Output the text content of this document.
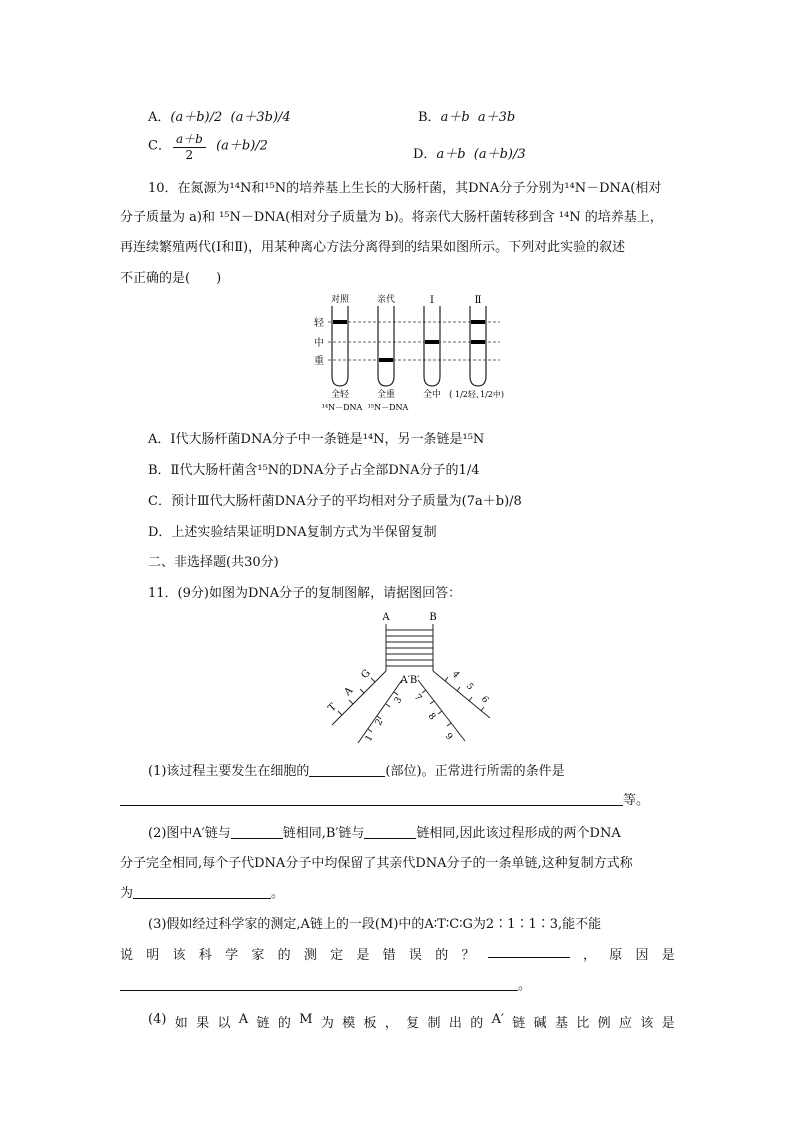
A．(a＋b)/2 (a＋3b)/4	B．a＋b a＋3b
C． $\frac{a+b}{2} (a+b)/2$
D．a＋b (a＋b)/3
10．在氮源为¹⁴N和¹⁵N的培养基上生长的大肠杆菌，其DNA分子分别为¹⁴N－DNA(相对
分子质量为 a)和 ¹⁵N－DNA(相对分子质量为 b)。将亲代大肠杆菌转移到含 ¹⁴N 的培养基上，
再连续繁殖两代(Ⅰ和Ⅱ)，用某种离心方法分离得到的结果如图所示。下列对此实验的叙述
不正确的是(　　)
对照	亲代	Ⅰ	Ⅱ
轻
中
重
全轻	全重	全中 ( 1/2轻、
1/2中)
¹⁴N－DNA ¹⁵N－DNA
A．Ⅰ代大肠杆菌DNA分子中一条链是¹⁴N，另一条链是¹⁵N
B．Ⅱ代大肠杆菌含¹⁵N的DNA分子占全部DNA分子的1/4
C．预计Ⅲ代大肠杆菌DNA分子的平均相对分子质量为(7a＋b)/8
D．上述实验结果证明DNA复制方式为半保留复制
二、非选择题(共30分)
11．(9分)如图为DNA分子的复制图解，请据图回答：
A	B
A′B′
T
A
G
1
2
3
4
5
6
7
8
9
(1)该过程主要发生在细胞的	(部位)。正常进行所需的条件是
等。
(2)图中A′链与	链相同,B′链与	链相同,因此该过程形成的两个DNA
分子完全相同,每个子代DNA分子中均保留了其亲代DNA分子的一条单链,这种复制方式称
为	。
(3)假如经过科学家的测定,A链上的一段(M)中的A∶T∶C∶G为2∶1∶1∶3,能不能
说 明 该 科 学 家 的 测 定 是 错 误 的 ？	， 原 因 是
。
(4) 如 果 以 A 链 的 M 为 模 板 ， 复 制 出 的 A′ 链 碱 基 比 例 应 该 是
